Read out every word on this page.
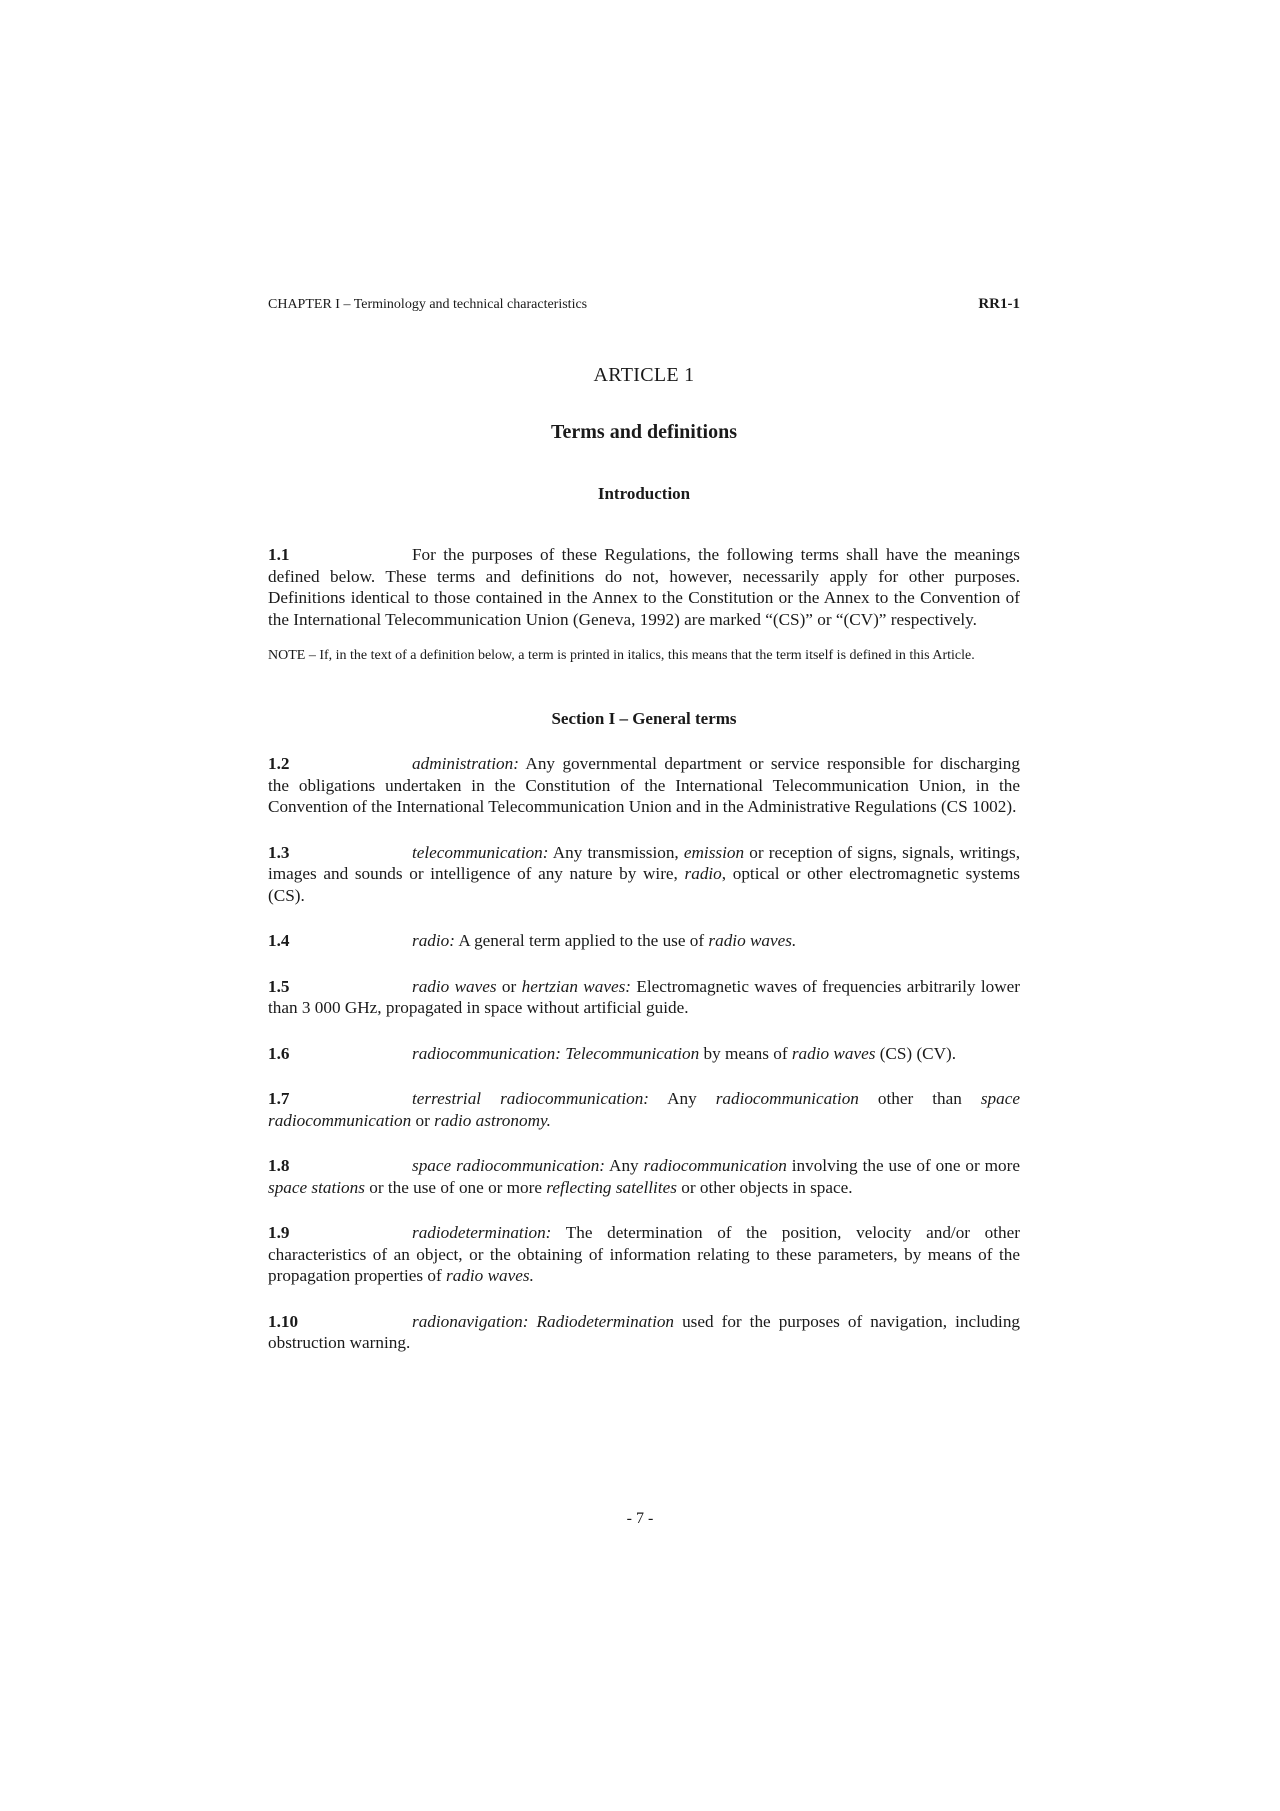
CHAPTER I – Terminology and technical characteristics	RR1-1
ARTICLE 1
Terms and definitions
Introduction

1.1	For the purposes of these Regulations, the following terms shall have the meanings defined below. These terms and definitions do not, however, necessarily apply for other purposes. Definitions identical to those contained in the Annex to the Constitution or the Annex to the Convention of the International Telecommunication Union (Geneva, 1992) are marked “(CS)” or “(CV)” respectively.

NOTE – If, in the text of a definition below, a term is printed in italics, this means that the term itself is defined in this Article.

Section I – General terms

1.2	administration: Any governmental department or service responsible for discharging the obligations undertaken in the Constitution of the International Telecommunication Union, in the Convention of the International Telecommunication Union and in the Administrative Regulations (CS 1002).

1.3	telecommunication: Any transmission, emission or reception of signs, signals, writings, images and sounds or intelligence of any nature by wire, radio, optical or other electromagnetic systems (CS).

1.4	radio: A general term applied to the use of radio waves.

1.5	radio waves or hertzian waves: Electromagnetic waves of frequencies arbitrarily lower than 3 000 GHz, propagated in space without artificial guide.

1.6	radiocommunication: Telecommunication by means of radio waves (CS) (CV).

1.7	terrestrial radiocommunication: Any radiocommunication other than space radiocommunication or radio astronomy.

1.8	space radiocommunication: Any radiocommunication involving the use of one or more space stations or the use of one or more reflecting satellites or other objects in space.

1.9	radiodetermination: The determination of the position, velocity and/or other characteristics of an object, or the obtaining of information relating to these parameters, by means of the propagation properties of radio waves.

1.10	radionavigation: Radiodetermination used for the purposes of navigation, including obstruction warning.

- 7 -
